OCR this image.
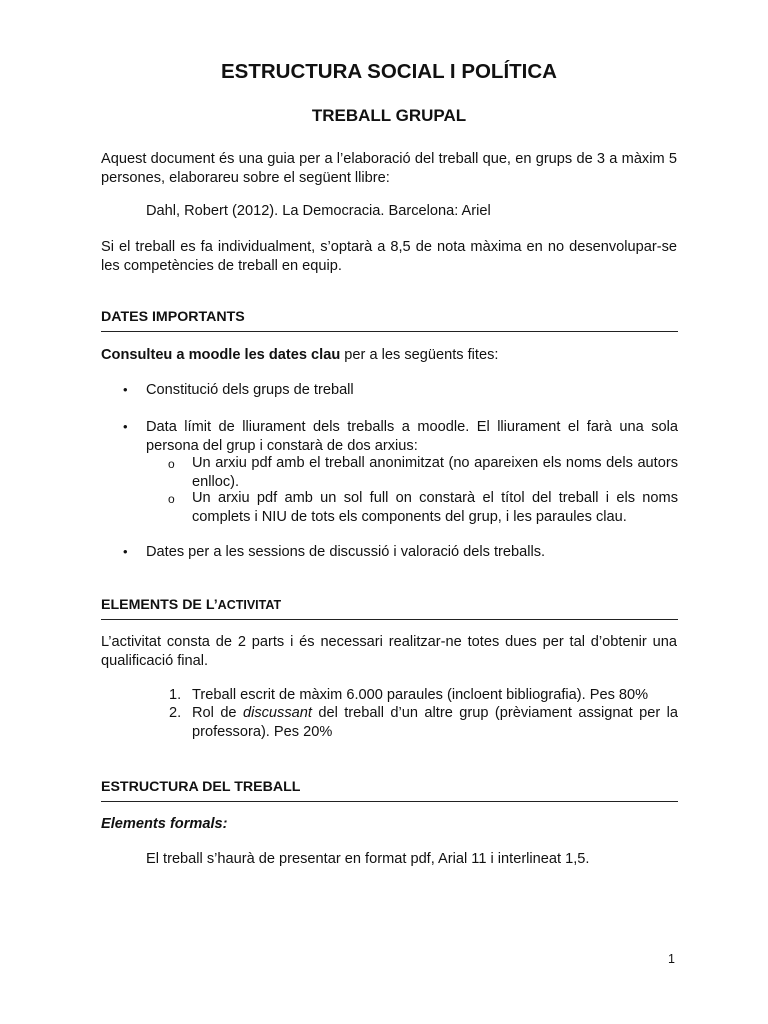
ESTRUCTURA SOCIAL I POLÍTICA
TREBALL GRUPAL
Aquest document és una guia per a l’elaboració del treball que, en grups de 3 a màxim 5 persones, elaborareu sobre el següent llibre:
Dahl, Robert (2012). La Democracia. Barcelona: Ariel
Si el treball es fa individualment, s’optarà a 8,5 de nota màxima en no desenvolupar-se les competències de treball en equip.
DATES IMPORTANTS
Consulteu a moodle les dates clau per a les següents fites:
• Constitució dels grups de treball
• Data límit de lliurament dels treballs a moodle. El lliurament el farà una sola persona del grup i constarà de dos arxius:
o Un arxiu pdf amb el treball anonimitzat (no apareixen els noms dels autors enlloc).
o Un arxiu pdf amb un sol full on constarà el títol del treball i els noms complets i NIU de tots els components del grup, i les paraules clau.
• Dates per a les sessions de discussió i valoració dels treballs.
ELEMENTS DE L’ACTIVITAT
L’activitat consta de 2 parts i és necessari realitzar-ne totes dues per tal d’obtenir una qualificació final.
1. Treball escrit de màxim 6.000 paraules (incloent bibliografia). Pes 80%
2. Rol de discussant del treball d’un altre grup (prèviament assignat per la professora). Pes 20%
ESTRUCTURA DEL TREBALL
Elements formals:
El treball s’haurà de presentar en format pdf, Arial 11 i interlineat 1,5.
1
